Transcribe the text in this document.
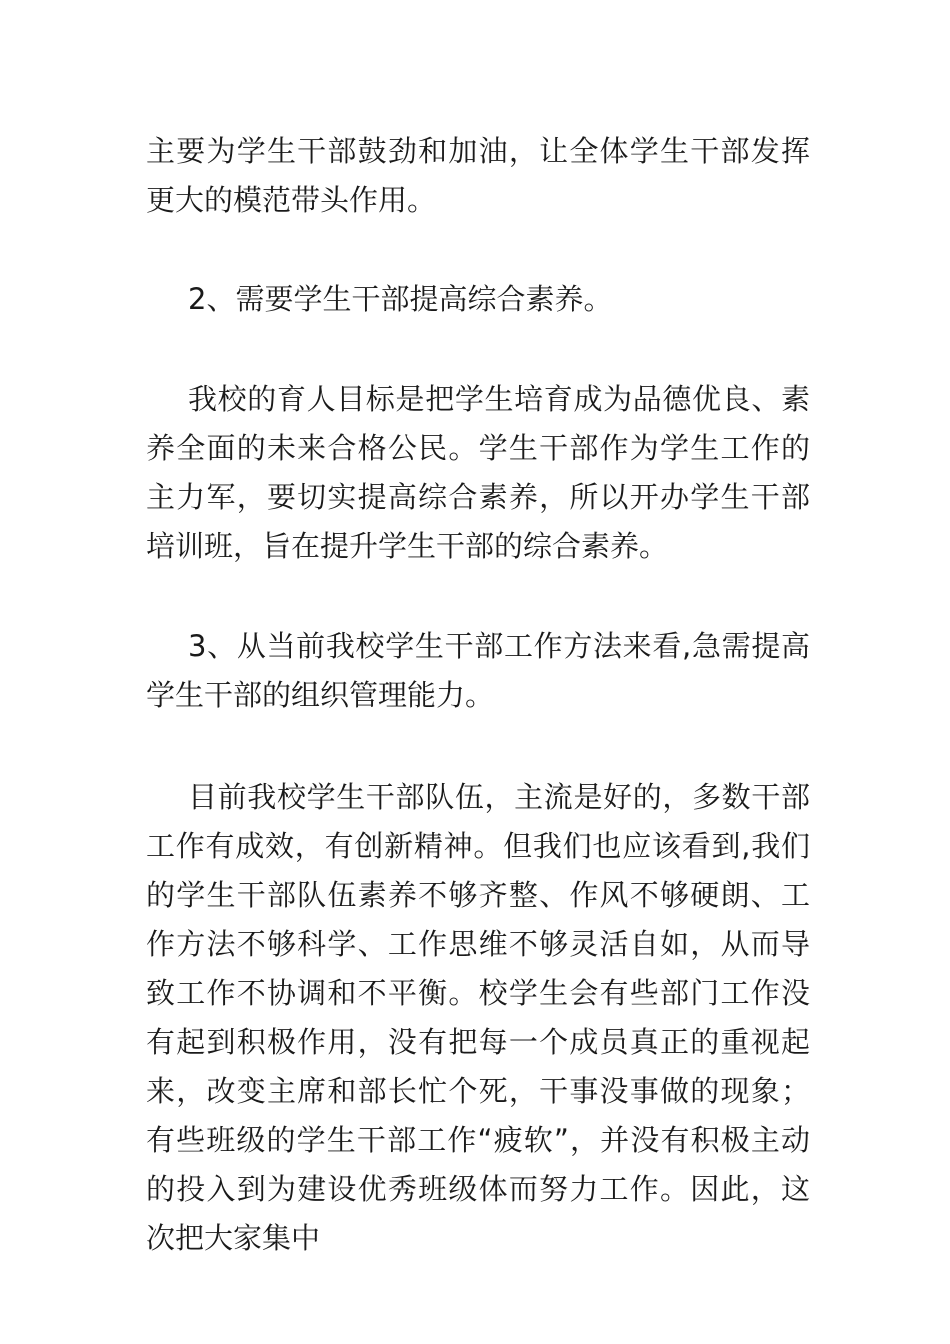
主要为学生干部鼓劲和加油，让全体学生干部发挥更大的模范带头作用。

2、需要学生干部提高综合素养。

我校的育人目标是把学生培育成为品德优良、素养全面的未来合格公民。学生干部作为学生工作的主力军，要切实提高综合素养，所以开办学生干部培训班，旨在提升学生干部的综合素养。

3、从当前我校学生干部工作方法来看,急需提高学生干部的组织管理能力。

目前我校学生干部队伍，主流是好的，多数干部工作有成效，有创新精神。但我们也应该看到,我们的学生干部队伍素养不够齐整、作风不够硬朗、工作方法不够科学、工作思维不够灵活自如，从而导致工作不协调和不平衡。校学生会有些部门工作没有起到积极作用，没有把每一个成员真正的重视起来，改变主席和部长忙个死，干事没事做的现象；有些班级的学生干部工作“疲软”，并没有积极主动的投入到为建设优秀班级体而努力工作。因此，这次把大家集中
